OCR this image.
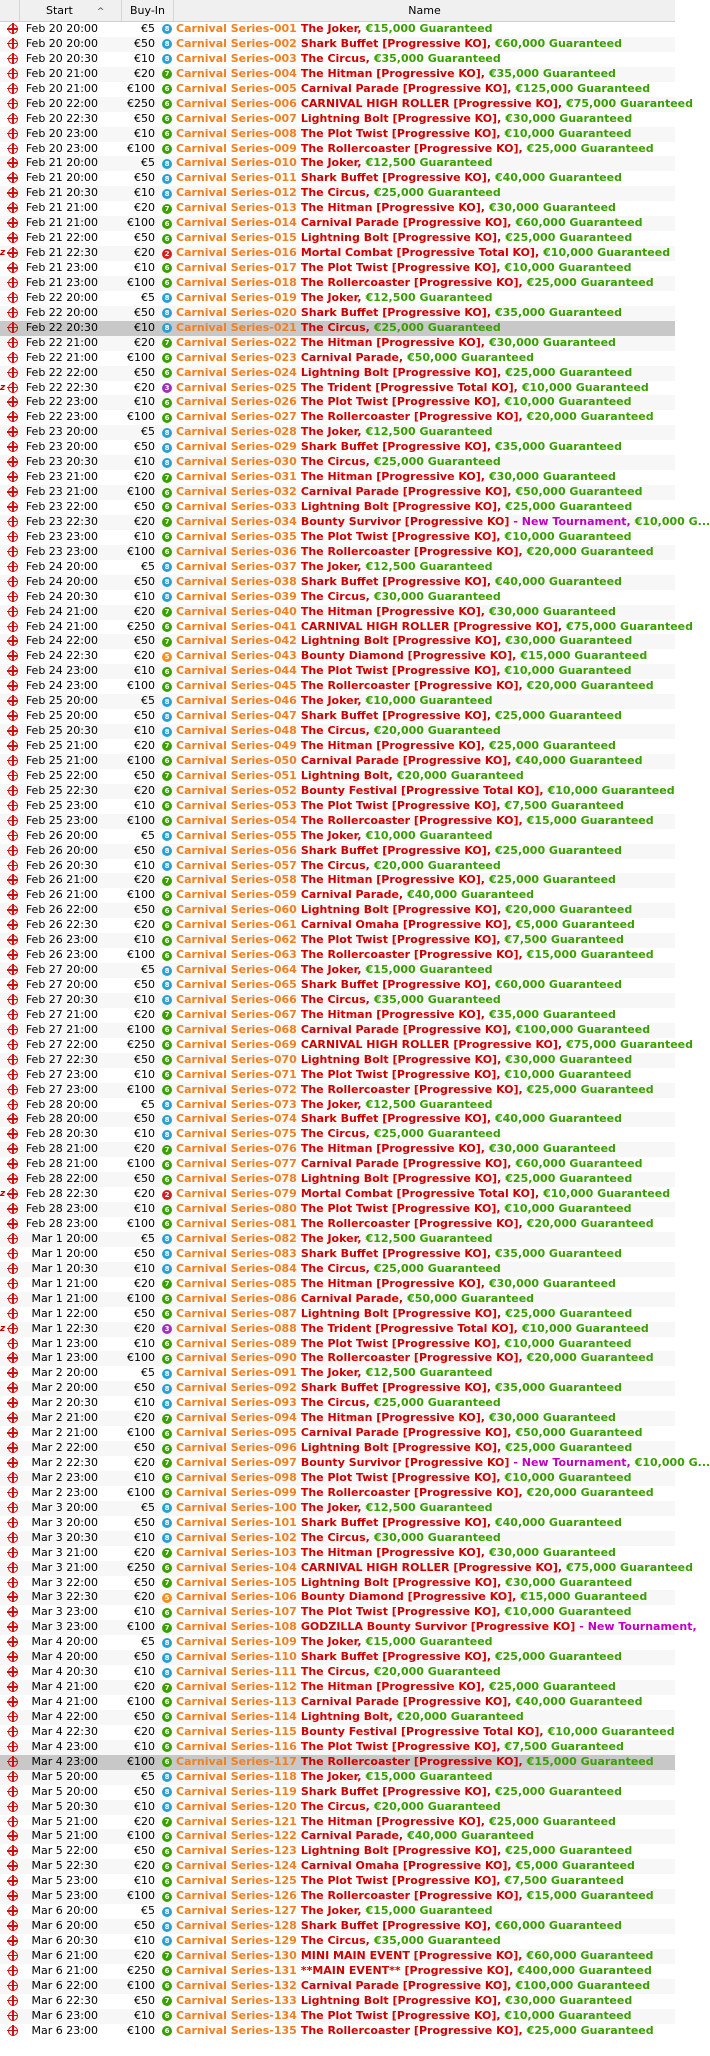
Start	^	Buy-In	Name
Feb 20 20:00	€5	8 Carnival Series-001 The Joker, €15,000 Guaranteed
Feb 20 20:00	€50	8 Carnival Series-002 Shark Buffet [Progressive KO], €60,000 Guaranteed
Feb 20 20:30	€10	8 Carnival Series-003 The Circus, €35,000 Guaranteed
Feb 20 21:00	€20	7 Carnival Series-004 The Hitman [Progressive KO], €35,000 Guaranteed
Feb 20 21:00	€100	6 Carnival Series-005 Carnival Parade [Progressive KO], €125,000 Guaranteed
Feb 20 22:00	€250	6 Carnival Series-006 CARNIVAL HIGH ROLLER [Progressive KO], €75,000 Guaranteed
Feb 20 22:30	€50	6 Carnival Series-007 Lightning Bolt [Progressive KO], €30,000 Guaranteed
Feb 20 23:00	€10	6 Carnival Series-008 The Plot Twist [Progressive KO], €10,000 Guaranteed
Feb 20 23:00	€100	6 Carnival Series-009 The Rollercoaster [Progressive KO], €25,000 Guaranteed
Feb 21 20:00	€5	8 Carnival Series-010 The Joker, €12,500 Guaranteed
Feb 21 20:00	€50	8 Carnival Series-011 Shark Buffet [Progressive KO], €40,000 Guaranteed
Feb 21 20:30	€10	8 Carnival Series-012 The Circus, €25,000 Guaranteed
Feb 21 21:00	€20	7 Carnival Series-013 The Hitman [Progressive KO], €30,000 Guaranteed
Feb 21 21:00	€100	6 Carnival Series-014 Carnival Parade [Progressive KO], €60,000 Guaranteed
Feb 21 22:00	€50	6 Carnival Series-015 Lightning Bolt [Progressive KO], €25,000 Guaranteed
z Feb 21 22:30	€20	2 Carnival Series-016 Mortal Combat [Progressive Total KO], €10,000 Guaranteed
Feb 21 23:00	€10	6 Carnival Series-017 The Plot Twist [Progressive KO], €10,000 Guaranteed
Feb 21 23:00	€100	6 Carnival Series-018 The Rollercoaster [Progressive KO], €25,000 Guaranteed
Feb 22 20:00	€5	8 Carnival Series-019 The Joker, €12,500 Guaranteed
Feb 22 20:00	€50	8 Carnival Series-020 Shark Buffet [Progressive KO], €35,000 Guaranteed
Feb 22 20:30	€10	8 Carnival Series-021 The Circus, €25,000 Guaranteed
Feb 22 21:00	€20	7 Carnival Series-022 The Hitman [Progressive KO], €30,000 Guaranteed
Feb 22 21:00	€100	6 Carnival Series-023 Carnival Parade, €50,000 Guaranteed
Feb 22 22:00	€50	6 Carnival Series-024 Lightning Bolt [Progressive KO], €25,000 Guaranteed
z Feb 22 22:30	€20	3 Carnival Series-025 The Trident [Progressive Total KO], €10,000 Guaranteed
Feb 22 23:00	€10	6 Carnival Series-026 The Plot Twist [Progressive KO], €10,000 Guaranteed
Feb 22 23:00	€100	6 Carnival Series-027 The Rollercoaster [Progressive KO], €20,000 Guaranteed
Feb 23 20:00	€5	8 Carnival Series-028 The Joker, €12,500 Guaranteed
Feb 23 20:00	€50	8 Carnival Series-029 Shark Buffet [Progressive KO], €35,000 Guaranteed
Feb 23 20:30	€10	8 Carnival Series-030 The Circus, €25,000 Guaranteed
Feb 23 21:00	€20	7 Carnival Series-031 The Hitman [Progressive KO], €30,000 Guaranteed
Feb 23 21:00	€100	6 Carnival Series-032 Carnival Parade [Progressive KO], €50,000 Guaranteed
Feb 23 22:00	€50	6 Carnival Series-033 Lightning Bolt [Progressive KO], €25,000 Guaranteed
Feb 23 22:30	€20	7 Carnival Series-034 Bounty Survivor [Progressive KO] - New Tournament, €10,000 G...
Feb 23 23:00	€10	6 Carnival Series-035 The Plot Twist [Progressive KO], €10,000 Guaranteed
Feb 23 23:00	€100	6 Carnival Series-036 The Rollercoaster [Progressive KO], €20,000 Guaranteed
Feb 24 20:00	€5	8 Carnival Series-037 The Joker, €12,500 Guaranteed
Feb 24 20:00	€50	8 Carnival Series-038 Shark Buffet [Progressive KO], €40,000 Guaranteed
Feb 24 20:30	€10	8 Carnival Series-039 The Circus, €30,000 Guaranteed
Feb 24 21:00	€20	7 Carnival Series-040 The Hitman [Progressive KO], €30,000 Guaranteed
Feb 24 21:00	€250	6 Carnival Series-041 CARNIVAL HIGH ROLLER [Progressive KO], €75,000 Guaranteed
Feb 24 22:00	€50	7 Carnival Series-042 Lightning Bolt [Progressive KO], €30,000 Guaranteed
Feb 24 22:30	€20	5 Carnival Series-043 Bounty Diamond [Progressive KO], €15,000 Guaranteed
Feb 24 23:00	€10	6 Carnival Series-044 The Plot Twist [Progressive KO], €10,000 Guaranteed
Feb 24 23:00	€100	6 Carnival Series-045 The Rollercoaster [Progressive KO], €20,000 Guaranteed
Feb 25 20:00	€5	8 Carnival Series-046 The Joker, €10,000 Guaranteed
Feb 25 20:00	€50	8 Carnival Series-047 Shark Buffet [Progressive KO], €25,000 Guaranteed
Feb 25 20:30	€10	8 Carnival Series-048 The Circus, €20,000 Guaranteed
Feb 25 21:00	€20	7 Carnival Series-049 The Hitman [Progressive KO], €25,000 Guaranteed
Feb 25 21:00	€100	6 Carnival Series-050 Carnival Parade [Progressive KO], €40,000 Guaranteed
Feb 25 22:00	€50	7 Carnival Series-051 Lightning Bolt, €20,000 Guaranteed
Feb 25 22:30	€20	6 Carnival Series-052 Bounty Festival [Progressive Total KO], €10,000 Guaranteed
Feb 25 23:00	€10	6 Carnival Series-053 The Plot Twist [Progressive KO], €7,500 Guaranteed
Feb 25 23:00	€100	6 Carnival Series-054 The Rollercoaster [Progressive KO], €15,000 Guaranteed
Feb 26 20:00	€5	8 Carnival Series-055 The Joker, €10,000 Guaranteed
Feb 26 20:00	€50	8 Carnival Series-056 Shark Buffet [Progressive KO], €25,000 Guaranteed
Feb 26 20:30	€10	8 Carnival Series-057 The Circus, €20,000 Guaranteed
Feb 26 21:00	€20	7 Carnival Series-058 The Hitman [Progressive KO], €25,000 Guaranteed
Feb 26 21:00	€100	6 Carnival Series-059 Carnival Parade, €40,000 Guaranteed
Feb 26 22:00	€50	6 Carnival Series-060 Lightning Bolt [Progressive KO], €20,000 Guaranteed
Feb 26 22:30	€20	6 Carnival Series-061 Carnival Omaha [Progressive KO], €5,000 Guaranteed
Feb 26 23:00	€10	6 Carnival Series-062 The Plot Twist [Progressive KO], €7,500 Guaranteed
Feb 26 23:00	€100	6 Carnival Series-063 The Rollercoaster [Progressive KO], €15,000 Guaranteed
Feb 27 20:00	€5	8 Carnival Series-064 The Joker, €15,000 Guaranteed
Feb 27 20:00	€50	8 Carnival Series-065 Shark Buffet [Progressive KO], €60,000 Guaranteed
Feb 27 20:30	€10	8 Carnival Series-066 The Circus, €35,000 Guaranteed
Feb 27 21:00	€20	7 Carnival Series-067 The Hitman [Progressive KO], €35,000 Guaranteed
Feb 27 21:00	€100	6 Carnival Series-068 Carnival Parade [Progressive KO], €100,000 Guaranteed
Feb 27 22:00	€250	6 Carnival Series-069 CARNIVAL HIGH ROLLER [Progressive KO], €75,000 Guaranteed
Feb 27 22:30	€50	6 Carnival Series-070 Lightning Bolt [Progressive KO], €30,000 Guaranteed
Feb 27 23:00	€10	6 Carnival Series-071 The Plot Twist [Progressive KO], €10,000 Guaranteed
Feb 27 23:00	€100	6 Carnival Series-072 The Rollercoaster [Progressive KO], €25,000 Guaranteed
Feb 28 20:00	€5	8 Carnival Series-073 The Joker, €12,500 Guaranteed
Feb 28 20:00	€50	8 Carnival Series-074 Shark Buffet [Progressive KO], €40,000 Guaranteed
Feb 28 20:30	€10	8 Carnival Series-075 The Circus, €25,000 Guaranteed
Feb 28 21:00	€20	7 Carnival Series-076 The Hitman [Progressive KO], €30,000 Guaranteed
Feb 28 21:00	€100	6 Carnival Series-077 Carnival Parade [Progressive KO], €60,000 Guaranteed
Feb 28 22:00	€50	6 Carnival Series-078 Lightning Bolt [Progressive KO], €25,000 Guaranteed
z Feb 28 22:30	€20	2 Carnival Series-079 Mortal Combat [Progressive Total KO], €10,000 Guaranteed
Feb 28 23:00	€10	6 Carnival Series-080 The Plot Twist [Progressive KO], €10,000 Guaranteed
Feb 28 23:00	€100	6 Carnival Series-081 The Rollercoaster [Progressive KO], €20,000 Guaranteed
Mar 1 20:00	€5	8 Carnival Series-082 The Joker, €12,500 Guaranteed
Mar 1 20:00	€50	8 Carnival Series-083 Shark Buffet [Progressive KO], €35,000 Guaranteed
Mar 1 20:30	€10	8 Carnival Series-084 The Circus, €25,000 Guaranteed
Mar 1 21:00	€20	7 Carnival Series-085 The Hitman [Progressive KO], €30,000 Guaranteed
Mar 1 21:00	€100	6 Carnival Series-086 Carnival Parade, €50,000 Guaranteed
Mar 1 22:00	€50	6 Carnival Series-087 Lightning Bolt [Progressive KO], €25,000 Guaranteed
z	Mar 1 22:30	€20	3 Carnival Series-088 The Trident [Progressive Total KO], €10,000 Guaranteed
Mar 1 23:00	€10	6 Carnival Series-089 The Plot Twist [Progressive KO], €10,000 Guaranteed
Mar 1 23:00	€100	6 Carnival Series-090 The Rollercoaster [Progressive KO], €20,000 Guaranteed
Mar 2 20:00	€5	8 Carnival Series-091 The Joker, €12,500 Guaranteed
Mar 2 20:00	€50	8 Carnival Series-092 Shark Buffet [Progressive KO], €35,000 Guaranteed
Mar 2 20:30	€10	8 Carnival Series-093 The Circus, €25,000 Guaranteed
Mar 2 21:00	€20	7 Carnival Series-094 The Hitman [Progressive KO], €30,000 Guaranteed
Mar 2 21:00	€100	6 Carnival Series-095 Carnival Parade [Progressive KO], €50,000 Guaranteed
Mar 2 22:00	€50	6 Carnival Series-096 Lightning Bolt [Progressive KO], €25,000 Guaranteed
Mar 2 22:30	€20	7 Carnival Series-097 Bounty Survivor [Progressive KO] - New Tournament, €10,000 G...
Mar 2 23:00	€10	6 Carnival Series-098 The Plot Twist [Progressive KO], €10,000 Guaranteed
Mar 2 23:00	€100	6 Carnival Series-099 The Rollercoaster [Progressive KO], €20,000 Guaranteed
Mar 3 20:00	€5	8 Carnival Series-100 The Joker, €12,500 Guaranteed
Mar 3 20:00	€50	8 Carnival Series-101 Shark Buffet [Progressive KO], €40,000 Guaranteed
Mar 3 20:30	€10	8 Carnival Series-102 The Circus, €30,000 Guaranteed
Mar 3 21:00	€20	7 Carnival Series-103 The Hitman [Progressive KO], €30,000 Guaranteed
Mar 3 21:00	€250	6 Carnival Series-104 CARNIVAL HIGH ROLLER [Progressive KO], €75,000 Guaranteed
Mar 3 22:00	€50	7 Carnival Series-105 Lightning Bolt [Progressive KO], €30,000 Guaranteed
Mar 3 22:30	€20	5 Carnival Series-106 Bounty Diamond [Progressive KO], €15,000 Guaranteed
Mar 3 23:00	€10	6 Carnival Series-107 The Plot Twist [Progressive KO], €10,000 Guaranteed
Mar 3 23:00	€100	7 Carnival Series-108 GODZILLA Bounty Survivor [Progressive KO] - New Tournament,
Mar 4 20:00	€5	8 Carnival Series-109 The Joker, €15,000 Guaranteed
Mar 4 20:00	€50	8 Carnival Series-110 Shark Buffet [Progressive KO], €25,000 Guaranteed
Mar 4 20:30	€10	8 Carnival Series-111 The Circus, €20,000 Guaranteed
Mar 4 21:00	€20	7 Carnival Series-112 The Hitman [Progressive KO], €25,000 Guaranteed
Mar 4 21:00	€100	6 Carnival Series-113 Carnival Parade [Progressive KO], €40,000 Guaranteed
Mar 4 22:00	€50	6 Carnival Series-114 Lightning Bolt, €20,000 Guaranteed
Mar 4 22:30	€20	6 Carnival Series-115 Bounty Festival [Progressive Total KO], €10,000 Guaranteed
Mar 4 23:00	€10	6 Carnival Series-116 The Plot Twist [Progressive KO], €7,500 Guaranteed
Mar 4 23:00	€100	6 Carnival Series-117 The Rollercoaster [Progressive KO], €15,000 Guaranteed
Mar 5 20:00	€5	8 Carnival Series-118 The Joker, €15,000 Guaranteed
Mar 5 20:00	€50	8 Carnival Series-119 Shark Buffet [Progressive KO], €25,000 Guaranteed
Mar 5 20:30	€10	8 Carnival Series-120 The Circus, €20,000 Guaranteed
Mar 5 21:00	€20	7 Carnival Series-121 The Hitman [Progressive KO], €25,000 Guaranteed
Mar 5 21:00	€100	6 Carnival Series-122 Carnival Parade, €40,000 Guaranteed
Mar 5 22:00	€50	6 Carnival Series-123 Lightning Bolt [Progressive KO], €25,000 Guaranteed
Mar 5 22:30	€20	6 Carnival Series-124 Carnival Omaha [Progressive KO], €5,000 Guaranteed
Mar 5 23:00	€10	6 Carnival Series-125 The Plot Twist [Progressive KO], €7,500 Guaranteed
Mar 5 23:00	€100	6 Carnival Series-126 The Rollercoaster [Progressive KO], €15,000 Guaranteed
Mar 6 20:00	€5	8 Carnival Series-127 The Joker, €15,000 Guaranteed
Mar 6 20:00	€50	8 Carnival Series-128 Shark Buffet [Progressive KO], €60,000 Guaranteed
Mar 6 20:30	€10	8 Carnival Series-129 The Circus, €35,000 Guaranteed
Mar 6 21:00	€20	7 Carnival Series-130 MINI MAIN EVENT [Progressive KO], €60,000 Guaranteed
Mar 6 21:00	€250	6 Carnival Series-131 **MAIN EVENT** [Progressive KO], €400,000 Guaranteed
Mar 6 22:00	€100	6 Carnival Series-132 Carnival Parade [Progressive KO], €100,000 Guaranteed
Mar 6 22:30	€50	7 Carnival Series-133 Lightning Bolt [Progressive KO], €30,000 Guaranteed
Mar 6 23:00	€10	6 Carnival Series-134 The Plot Twist [Progressive KO], €10,000 Guaranteed
Mar 6 23:00	€100	6 Carnival Series-135 The Rollercoaster [Progressive KO], €25,000 Guaranteed
